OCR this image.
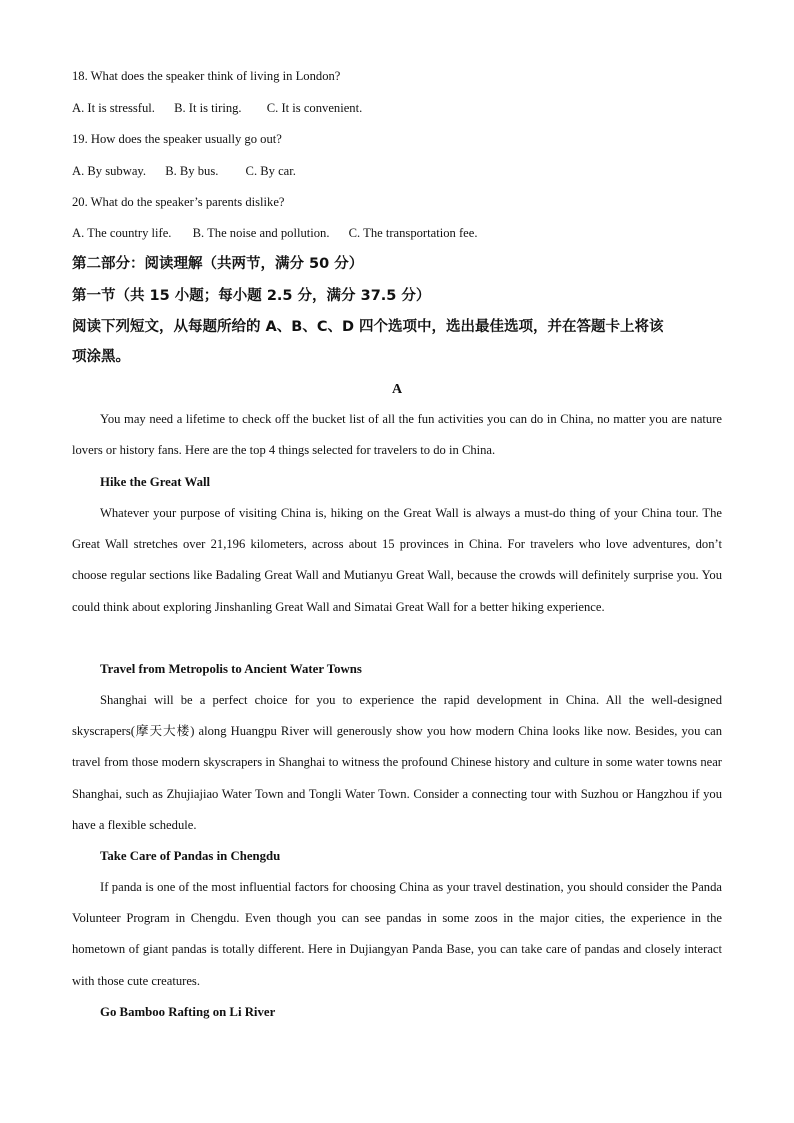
18. What does the speaker think of living in London?
A. It is stressful. B. It is tiring. C. It is convenient.
19. How does the speaker usually go out?
A. By subway. B. By bus. C. By car.
20. What do the speaker’s parents dislike?
A. The country life. B. The noise and pollution. C. The transportation fee.
第二部分：阅读理解（共两节，满分 50 分）
第一节（共 15 小题；每小题 2.5 分，满分 37.5 分）
阅读下列短文，从每题所给的 A、B、C、D 四个选项中，选出最佳选项，并在答题卡上将该
项涂黑。
A
You may need a lifetime to check off the bucket list of all the fun activities you can do in China, no matter you are nature lovers or history fans. Here are the top 4 things selected for travelers to do in China.
Hike the Great Wall
Whatever your purpose of visiting China is, hiking on the Great Wall is always a must-do thing of your China tour. The Great Wall stretches over 21,196 kilometers, across about 15 provinces in China. For travelers who love adventures, don’t choose regular sections like Badaling Great Wall and Mutianyu Great Wall, because the crowds will definitely surprise you. You could think about exploring Jinshanling Great Wall and Simatai Great Wall for a better hiking experience.
Travel from Metropolis to Ancient Water Towns
Shanghai will be a perfect choice for you to experience the rapid development in China. All the well-designed skyscrapers(摩天大楼) along Huangpu River will generously show you how modern China looks like now. Besides, you can travel from those modern skyscrapers in Shanghai to witness the profound Chinese history and culture in some water towns near Shanghai, such as Zhujiajiao Water Town and Tongli Water Town. Consider a connecting tour with Suzhou or Hangzhou if you have a flexible schedule.
Take Care of Pandas in Chengdu
If panda is one of the most influential factors for choosing China as your travel destination, you should consider the Panda Volunteer Program in Chengdu. Even though you can see pandas in some zoos in the major cities, the experience in the hometown of giant pandas is totally different. Here in Dujiangyan Panda Base, you can take care of pandas and closely interact with those cute creatures.
Go Bamboo Rafting on Li River
